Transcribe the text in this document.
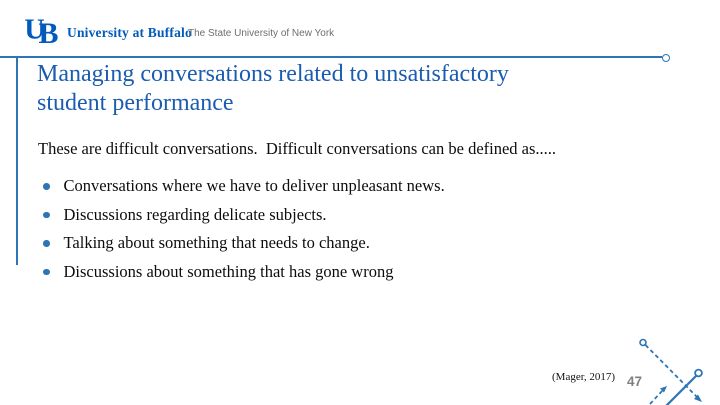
U
B University at Buffalo
The State University of New York
Managing conversations related to unsatisfactory
student performance
These are difficult conversations.  Difficult conversations can be defined as.....
Conversations where we have to deliver unpleasant news.
Discussions regarding delicate subjects.
Talking about something that needs to change.
Discussions about something that has gone wrong
(Mager, 2017) 47
